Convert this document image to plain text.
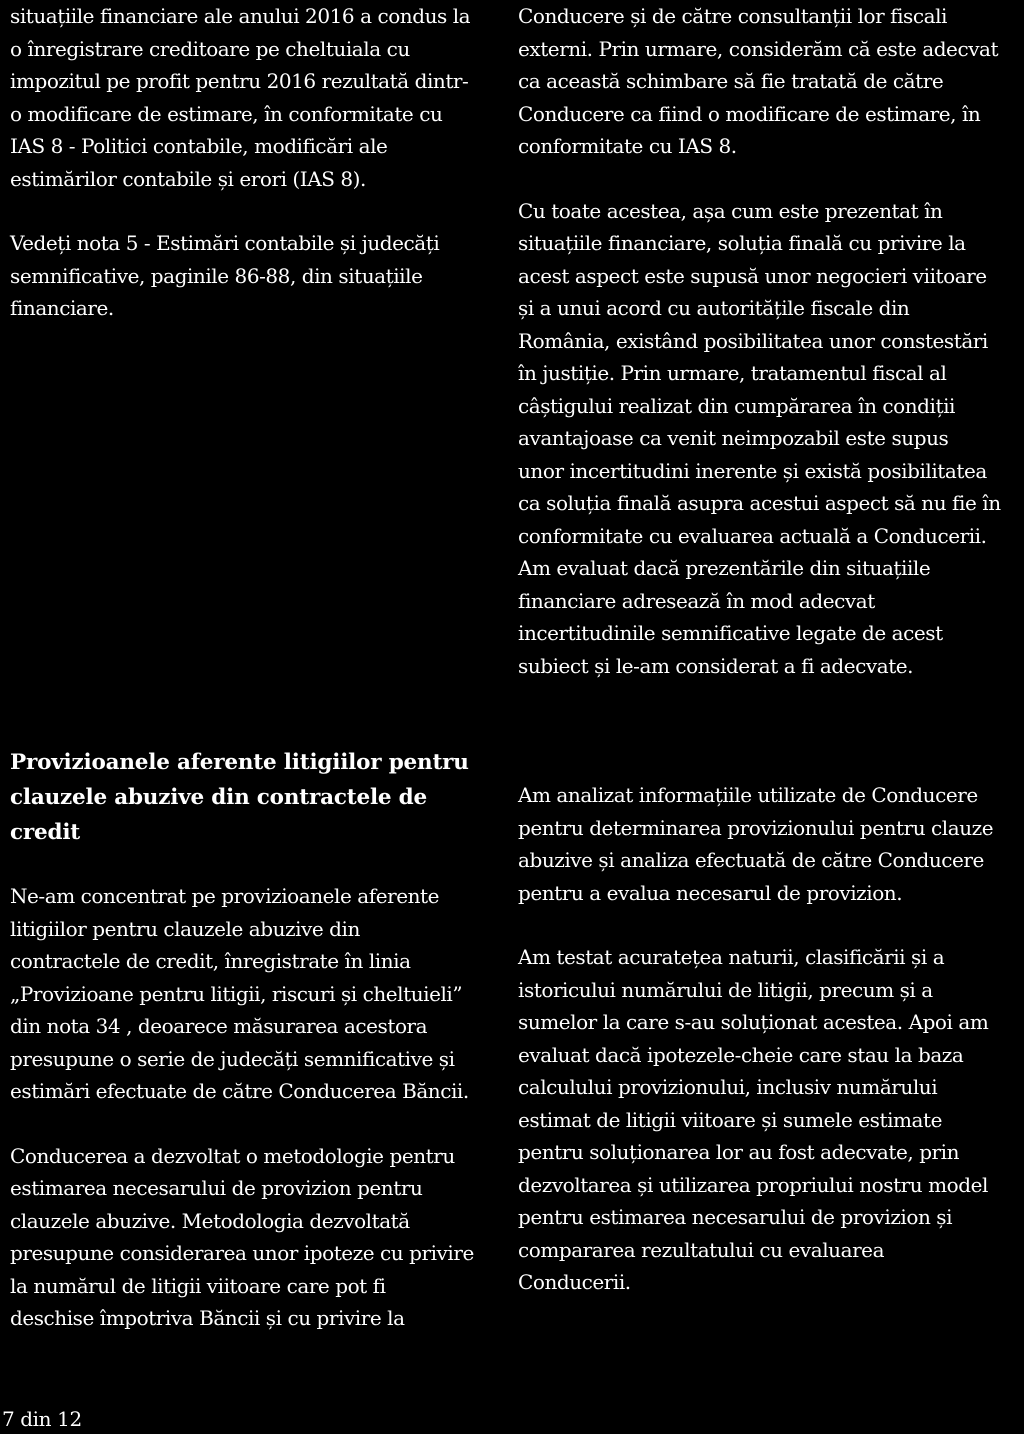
situațiile financiare ale anului 2016 a condus la

o înregistrare creditoare pe cheltuiala cu

impozitul pe profit pentru 2016 rezultată dintr-

o modificare de estimare, în conformitate cu

IAS 8 - Politici contabile, modificări ale

estimărilor contabile și erori (IAS 8).

Vedeți nota 5 - Estimări contabile și judecăți

semnificative, paginile 86-88, din situațiile

financiare.

Conducere și de către consultanții lor fiscali

externi. Prin urmare, considerăm că este adecvat

ca această schimbare să fie tratată de către

Conducere ca fiind o modificare de estimare, în

conformitate cu IAS 8.

Cu toate acestea, așa cum este prezentat în

situațiile financiare, soluția finală cu privire la

acest aspect este supusă unor negocieri viitoare

și a unui acord cu autoritățile fiscale din

România, existând posibilitatea unor constestări

în justiție. Prin urmare, tratamentul fiscal al

câștigului realizat din cumpărarea în condiții

avantajoase ca venit neimpozabil este supus

unor incertitudini inerente și există posibilitatea

ca soluția finală asupra acestui aspect să nu fie în

conformitate cu evaluarea actuală a Conducerii.

Am evaluat dacă prezentările din situațiile

financiare adresează în mod adecvat

incertitudinile semnificative legate de acest

subiect și le-am considerat a fi adecvate.

Provizioanele aferente litigiilor pentru

clauzele abuzive din contractele de

credit

Ne-am concentrat pe provizioanele aferente

litigiilor pentru clauzele abuzive din

contractele de credit, înregistrate în linia

„Provizioane pentru litigii, riscuri și cheltuieli”

din nota 34 , deoarece măsurarea acestora

presupune o serie de judecăți semnificative și

estimări efectuate de către Conducerea Băncii.

Conducerea a dezvoltat o metodologie pentru

estimarea necesarului de provizion pentru

clauzele abuzive. Metodologia dezvoltată

presupune considerarea unor ipoteze cu privire

la numărul de litigii viitoare care pot fi

deschise împotriva Băncii și cu privire la

Am analizat informațiile utilizate de Conducere

pentru determinarea provizionului pentru clauze

abuzive și analiza efectuată de către Conducere

pentru a evalua necesarul de provizion.

Am testat acuratețea naturii, clasificării și a

istoricului numărului de litigii, precum și a

sumelor la care s-au soluționat acestea. Apoi am

evaluat dacă ipotezele-cheie care stau la baza

calculului provizionului, inclusiv numărului

estimat de litigii viitoare și sumele estimate

pentru soluționarea lor au fost adecvate, prin

dezvoltarea și utilizarea propriului nostru model

pentru estimarea necesarului de provizion și

compararea rezultatului cu evaluarea

Conducerii.

7 din 12
